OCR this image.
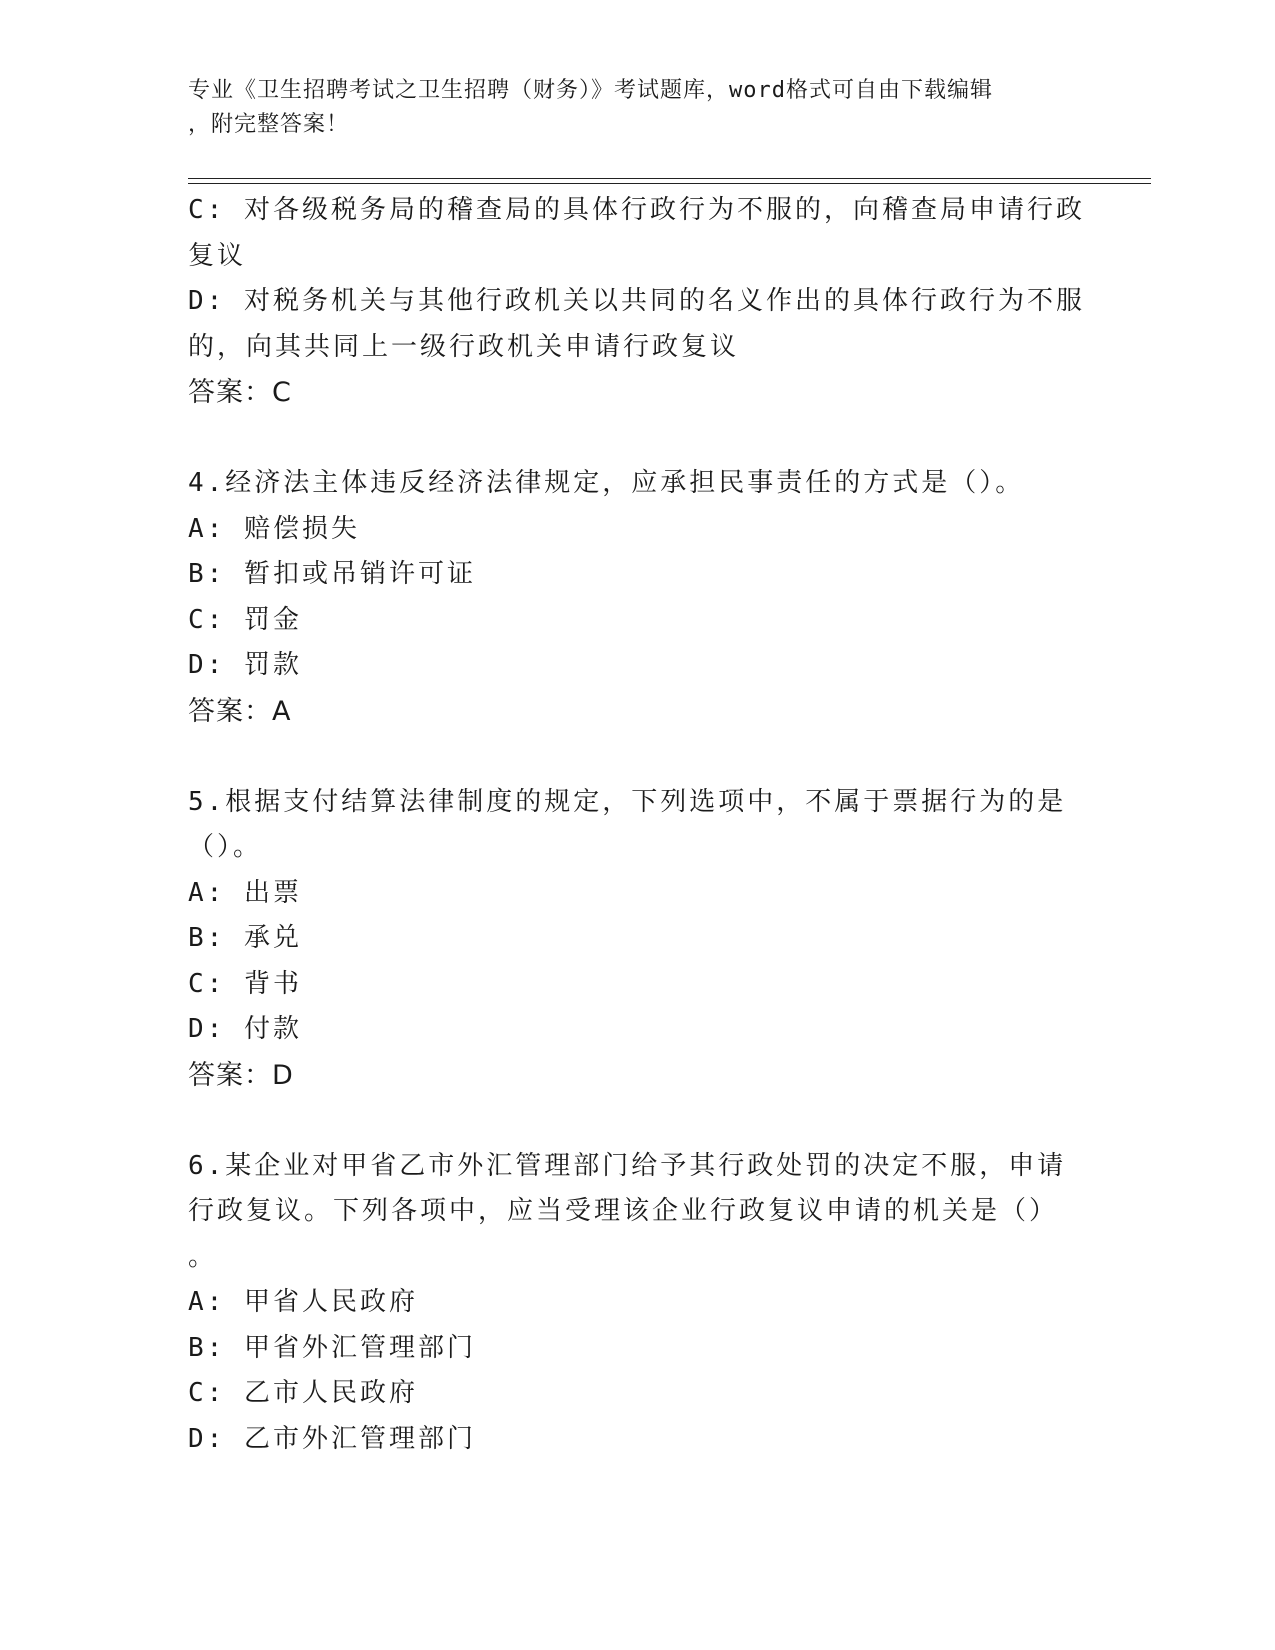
专业《卫生招聘考试之卫生招聘（财务）》考试题库，word格式可自由下载编辑
，附完整答案！
C: 对各级税务局的稽查局的具体行政行为不服的，向稽查局申请行政
复议
D: 对税务机关与其他行政机关以共同的名义作出的具体行政行为不服
的，向其共同上一级行政机关申请行政复议
答案：C
4.经济法主体违反经济法律规定，应承担民事责任的方式是（）。
A: 赔偿损失
B: 暂扣或吊销许可证
C: 罚金
D: 罚款
答案：A
5.根据支付结算法律制度的规定，下列选项中，不属于票据行为的是
（）。
A: 出票
B: 承兑
C: 背书
D: 付款
答案：D
6.某企业对甲省乙市外汇管理部门给予其行政处罚的决定不服，申请
行政复议。下列各项中，应当受理该企业行政复议申请的机关是（）
。
A: 甲省人民政府
B: 甲省外汇管理部门
C: 乙市人民政府
D: 乙市外汇管理部门
